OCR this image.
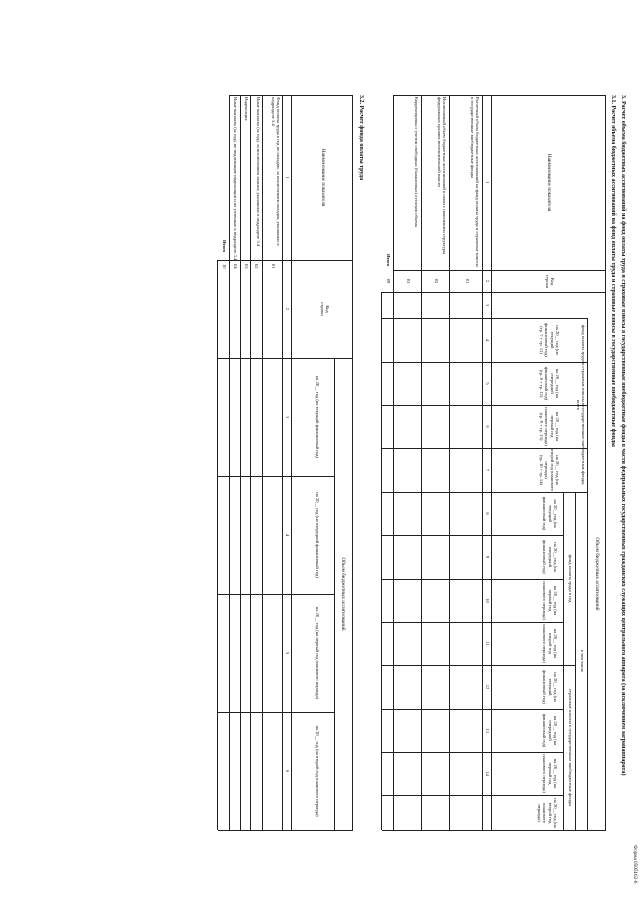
Форма 0505162-6
3. Расчет объема бюджетных ассигнований на фонд оплаты труда и страховые взносы в государственные внебюджетные фонды в части федеральных государственных гражданских служащих центрального аппарата (за исключением загранаппарата)
3.1. Расчет объема бюджетных ассигнований на фонд оплаты труда и страховые взносы в государственные внебюджетные фонды
Наименование показателя
Код строки
Объем бюджетных ассигнований
фонд оплаты труда и страховые взносы в государственные внебюджетные фонды, всего
в том числе
фонд оплаты труда в год
страховые взносы в государственные внебюджетные фонды
на 20__ год (на текущий финансовый год)
(гр. 7 + гр. 11)
на 20__ год (на очередной финансовый год)
(гр. 8 + гр. 12)
на 20__ год (на первый год планового периода)
(гр. 9 + гр. 13)
на 20__ год (на второй год планового периода)
(гр. 10 + гр. 14)
на 20__год (на текущий финансовый год)
на 20__ год (на очередной финансовый год)
на 20__ год (на первый год планового периода)
на 20__ год (на второй год планового периода)
на 20__ год (на текущий финансовый год)
на 20__ год (на очередной финансовый год)
на 20__ год (на первый год планового периода)
на 20__ год (на второй год планового периода)
1
2
3
4
5
6
7
8
9
10
11
12
13
14
Расчетный объем бюджетных ассигнований на фонд оплаты труда и страховые взносы в государственные внебюджетные фонды
01
Исключаемый объем бюджетных ассигнований в связи с изменением структуры федеральных органов исполнительной власти
02
Корректировка с учетом свободных (балансовых) остатков объема
03
Итого
09
3.2. Расчет фонда оплаты труда
Наименование показателя
Код строки
Объем бюджетных ассигнований
на 20__ год (на текущий финансовый год)
на 20__ год (на очередной финансовый год)
на 20__ год (на первый год планового периода)
на 20__ год (на второй год планового периода)
1
2
3
4
5
6
Фонд оплаты труда в год по окладам, за исключением окладов, указанных в подразделе 3.4
01
Иные выплаты (за год), за исключением выплат, указанных в подразделе 3.4
02
Индексация
03
Иные выплаты (за год), не подлежащие индексации и не учтенные в подразделе 3.4
04
Итого
10
